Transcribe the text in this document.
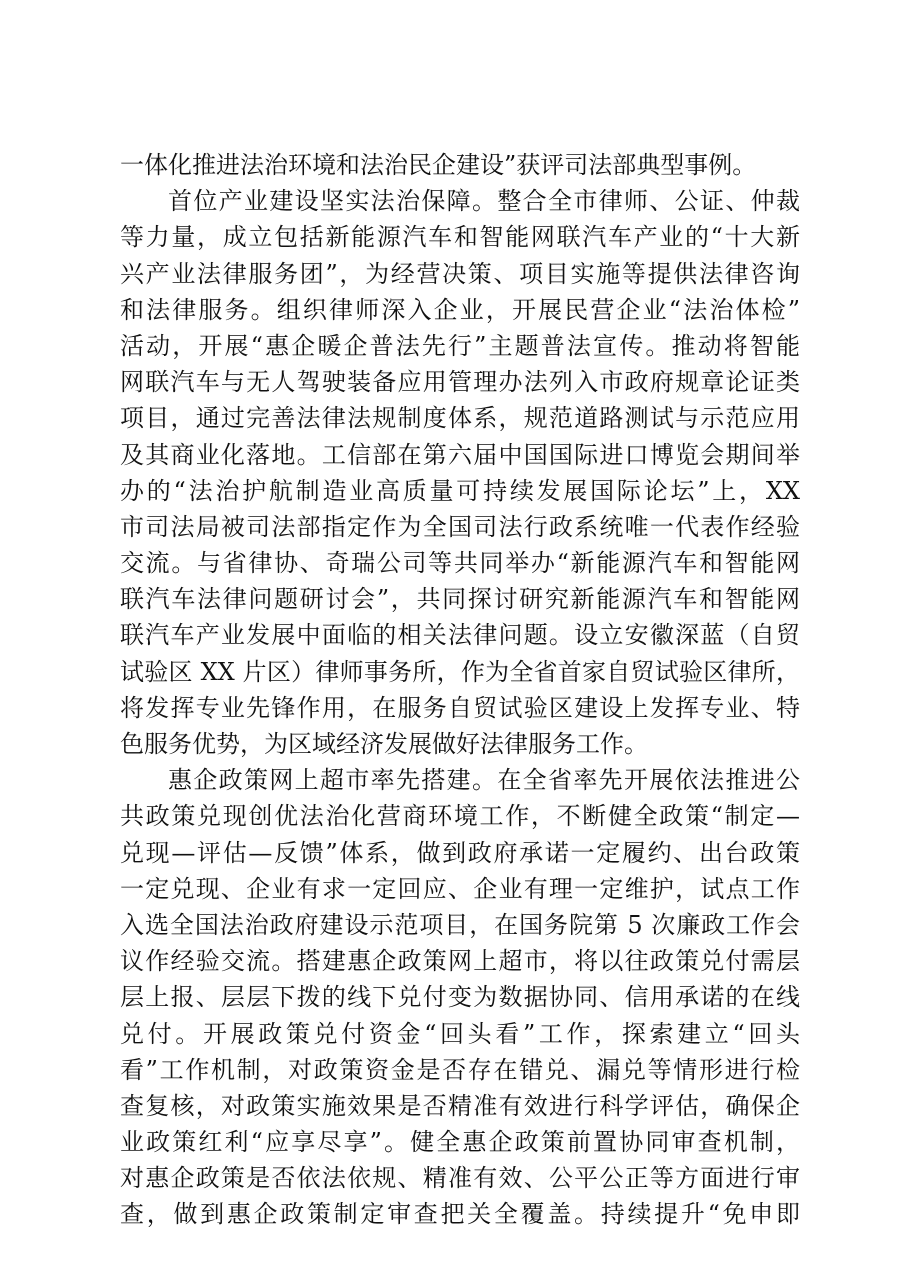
一体化推进法治环境和法治民企建设”获评司法部典型事例。
首位产业建设坚实法治保障。整合全市律师、公证、仲裁
等力量，成立包括新能源汽车和智能网联汽车产业的“十大新
兴产业法律服务团”，为经营决策、项目实施等提供法律咨询
和法律服务。组织律师深入企业，开展民营企业“法治体检”
活动，开展“惠企暖企普法先行”主题普法宣传。推动将智能
网联汽车与无人驾驶装备应用管理办法列入市政府规章论证类
项目，通过完善法律法规制度体系，规范道路测试与示范应用
及其商业化落地。工信部在第六届中国国际进口博览会期间举
办的“法治护航制造业高质量可持续发展国际论坛”上，XX
市司法局被司法部指定作为全国司法行政系统唯一代表作经验
交流。与省律协、奇瑞公司等共同举办“新能源汽车和智能网
联汽车法律问题研讨会”，共同探讨研究新能源汽车和智能网
联汽车产业发展中面临的相关法律问题。设立安徽深蓝（自贸
试验区 XX 片区）律师事务所，作为全省首家自贸试验区律所，
将发挥专业先锋作用，在服务自贸试验区建设上发挥专业、特
色服务优势，为区域经济发展做好法律服务工作。
惠企政策网上超市率先搭建。在全省率先开展依法推进公
共政策兑现创优法治化营商环境工作，不断健全政策“制定—
兑现—评估—反馈”体系，做到政府承诺一定履约、出台政策
一定兑现、企业有求一定回应、企业有理一定维护，试点工作
入选全国法治政府建设示范项目，在国务院第 5 次廉政工作会
议作经验交流。搭建惠企政策网上超市，将以往政策兑付需层
层上报、层层下拨的线下兑付变为数据协同、信用承诺的在线
兑付。开展政策兑付资金“回头看”工作，探索建立“回头
看”工作机制，对政策资金是否存在错兑、漏兑等情形进行检
查复核，对政策实施效果是否精准有效进行科学评估，确保企
业政策红利“应享尽享”。健全惠企政策前置协同审查机制，
对惠企政策是否依法依规、精准有效、公平公正等方面进行审
查，做到惠企政策制定审查把关全覆盖。持续提升“免申即
